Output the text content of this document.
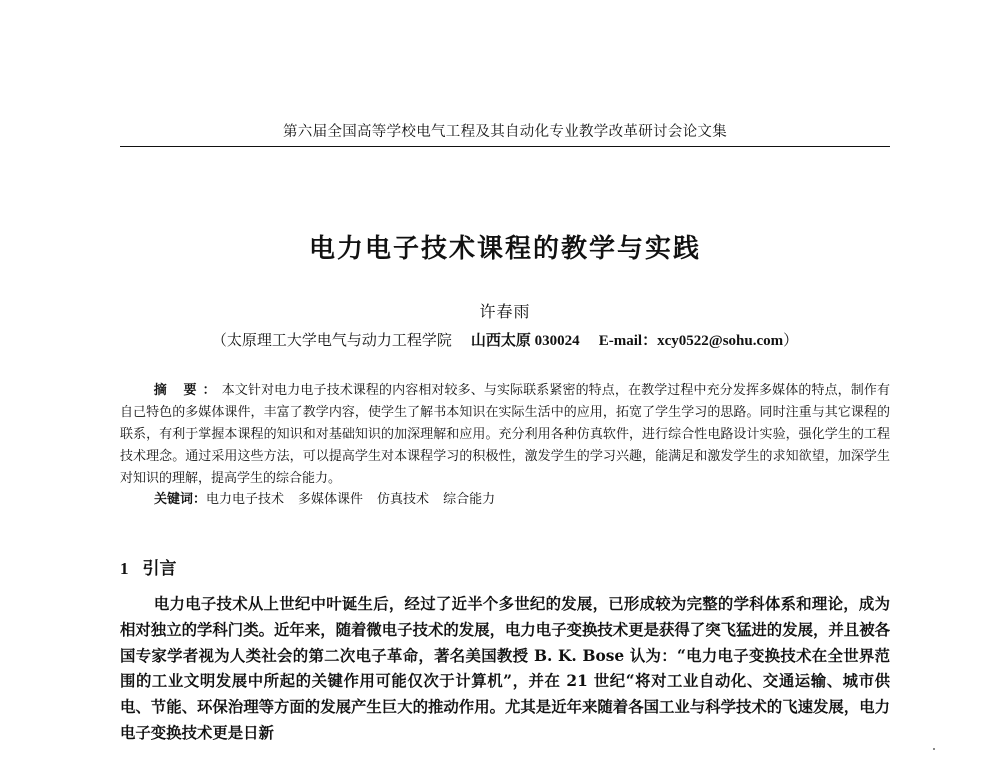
第六届全国高等学校电气工程及其自动化专业教学改革研讨会论文集
电力电子技术课程的教学与实践
许春雨
（太原理工大学电气与动力工程学院 山西太原 030024 E-mail：xcy0522@sohu.com）

摘 要：本文针对电力电子技术课程的内容相对较多、与实际联系紧密的特点，在教学过程中充分发挥多媒体的特点，制作有自己特色的多媒体课件，丰富了教学内容，使学生了解书本知识在实际生活中的应用，拓宽了学生学习的思路。同时注重与其它课程的联系，有利于掌握本课程的知识和对基础知识的加深理解和应用。充分利用各种仿真软件，进行综合性电路设计实验，强化学生的工程技术理念。通过采用这些方法，可以提高学生对本课程学习的积极性，激发学生的学习兴趣，能满足和激发学生的求知欲望，加深学生对知识的理解，提高学生的综合能力。

关键词：电力电子技术 多媒体课件 仿真技术 综合能力
1 引言

电力电子技术从上世纪中叶诞生后，经过了近半个多世纪的发展，已形成较为完整的学科体系和理论，成为相对独立的学科门类。近年来，随着微电子技术的发展，电力电子变换技术更是获得了突飞猛进的发展，并且被各国专家学者视为人类社会的第二次电子革命，著名美国教授 B. K. Bose 认为：“电力电子变换技术在全世界范围的工业文明发展中所起的关键作用可能仅次于计算机”，并在 21 世纪“将对工业自动化、交通运输、城市供电、节能、环保治理等方面的发展产生巨大的推动作用。尤其是近年来随着各国工业与科学技术的飞速发展，电力电子变换技术更是日新
